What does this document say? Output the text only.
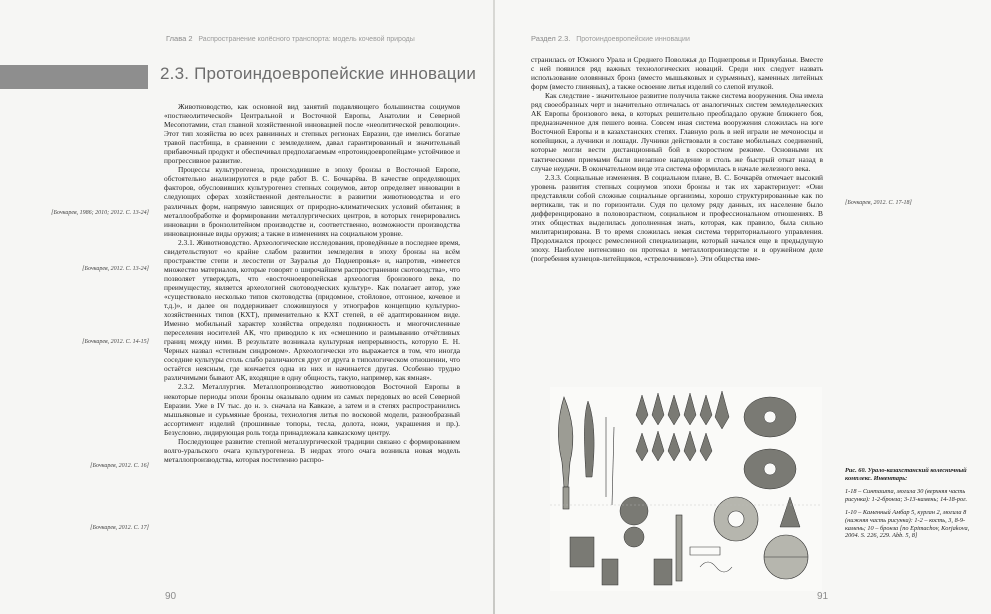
Глава 2 Распространение колёсного транспорта: модель кочевой природы
2.3. Протоиндоевропейские инновации
[Бочкарев, 1986; 2010; 2012. С. 13-24]
[Бочкарев, 2012. С. 13-24]
[Бочкарев, 2012. С. 14-15]
[Бочкарев, 2012. С. 16]
[Бочкарев, 2012. С. 17]

Животноводство, как основной вид занятий подавляющего большинства социумов «постнеолитической» Центральной и Восточной Европы, Анатолии и Северной Месопотамии, стал главной хозяйственной инновацией после «неолитической революции». Этот тип хозяйства во всех равнинных и степных регионах Евразии, где имелись богатые травой пастбища, в сравнении с земледелием, давал гарантированный и значительный прибавочный продукт и обеспечивал предполагаемым «протоиндоевропейцам» устойчивое и прогрессивное развитие.

Процессы культурогенеза, происходившие в эпоху бронзы в Восточной Европе, обстоятельно анализируются в ряде работ В. С. Бочкарёва. В качестве определяющих факторов, обусловивших культурогенез степных социумов, автор определяет инновации в следующих сферах хозяйственной деятельности: в развитии животноводства и его различных форм, напрямую зависящих от природно-климатических условий обитания; в металлообработке и формировании металлургических центров, в которых генерировались инновации в бронзолитейном производстве и, соответственно, возможности производства инновационные виды оружия; а также в изменениях на социальном уровне.

2.3.1. Животноводство. Археологические исследования, проведённые в последнее время, свидетельствуют «о крайне слабом развитии земледелия в эпоху бронзы на всём пространстве степи и лесостепи от Зауралья до Поднепровья» и, напротив, «имеется множество материалов, которые говорят о широчайшем распространении скотоводства», что позволяет утверждать, что «восточноевропейская археология бронзового века, по преимуществу, является археологией скотоводческих культур». Как полагает автор, уже «существовало несколько типов скотоводства (придомное, стойловое, отгонное, кочевое и т.д.)», и далее он поддерживает сложившуюся у этнографов концепцию культурно-хозяйственных типов (КХТ), применительно к КХТ степей, в её адаптированном виде. Именно мобильный характер хозяйства определял подвижность и многочисленные переселения носителей АК, что приводило к их «смешению и размыванию отчётливых границ между ними. В результате возникала культурная непрерывность, которую Е. Н. Черных назвал «степным синдромом». Археологически это выражается в том, что иногда соседние культуры столь слабо различаются друг от друга в типологическом отношении, что остаётся неясным, где кончается одна из них и начинается другая. Особенно трудно различимыми бывают АК, входящие в одну общность, такую, например, как ямная».

2.3.2. Металлургия. Металлопроизводство животноводов Восточной Европы в некоторые периоды эпохи бронзы оказывало одним из самых передовых во всей Северной Евразии. Уже в IV тыс. до н. э. сначала на Кавказе, а затем и в степях распространились мышьяковые и сурьмяные бронзы, технология литья по восковой модели, разнообразный ассортимент изделий (прошивные топоры, тесла, долота, ножи, украшения и пр.). Безусловно, лидирующая роль тогда принадлежала кавказскому центру.

Последующее развитие степной металлургической традиции связано с формированием волго-уральского очага культурогенеза. В недрах этого очага возникла новая модель металлопроизводства, которая постепенно распро-

90
Раздел 2.3. Протоиндоевропейские инновации

странилась от Южного Урала и Среднего Поволжья до Поднепровья и Прикубанья. Вместе с ней появился ряд важных технологических новаций. Среди них следует назвать использование оловянных бронз (вместо мышьяковых и сурьмяных), каменных литейных форм (вместо глиняных), а также освоение литья изделий со слепой втулкой.

Как следствие - значительное развитие получила также система вооружения. Она имела ряд своеобразных черт и значительно отличалась от аналогичных систем земледельческих АК Европы бронзового века, в которых решительно преобладало оружие ближнего боя, предназначенное для пешего воина. Совсем иная система вооружения сложилась на юге Восточной Европы и в казахстанских степях. Главную роль в ней играли не мечоносцы и копейщики, а лучники и лошади. Лучники действовали в составе мобильных соединений, которые могли вести дистанционный бой в скоростном режиме. Основными их тактическими приемами были внезапное нападение и столь же быстрый откат назад в случае неудачи. В окончательном виде эта система оформилась в начале железного века.

2.3.3. Социальные изменения. В социальном плане, В. С. Бочкарёв отмечает высокий уровень развития степных социумов эпохи бронзы и так их характеризует: «Они представляли собой сложные социальные организмы, хорошо структурированные как по вертикали, так и по горизонтали. Судя по целому ряду данных, их население было дифференцировано в половозрастном, социальном и профессиональном отношениях. В этих обществах выделилась дополненная знать, которая, как правило, была сильно милитаризирована. В то время сложилась некая система территориального управления. Продолжался процесс ремесленной специализации, который начался еще в предыдущую эпоху. Наиболее интенсивно он протекал в металлопроизводстве и в оружейном деле (погребения кузнецов-литейщиков, «стрелочников»). Эти общества име-

[Бочкарев, 2012. С. 17-18]
91

Рис. 60. Урало-казахстанский колесничный комплекс. Инвентарь:

1-18 – Синташта, могила 30 (верхняя часть рисунка): 1-2-бронза; 3-13-камень; 14-18-рог.

1-10 – Каменный Амбар 5, курган 2, могила 8 (нижняя часть рисунка): 1-2 – кость, 3, 8-9-камень; 10 – бронза [по Epimachov, Korjakova, 2004. S. 226, 229. Abb. 5, 8]
